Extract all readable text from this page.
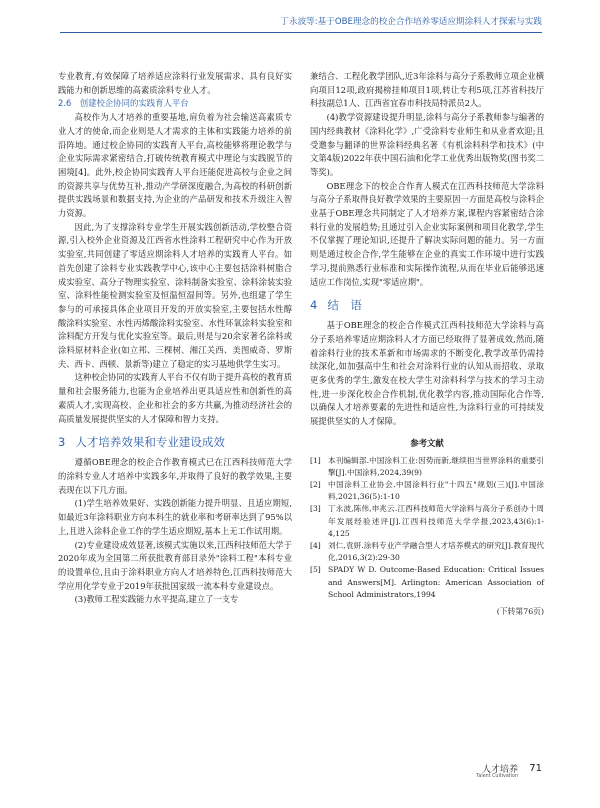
丁永波等:基于OBE理念的校企合作培养零适应期涂料人才探索与实践

专业教育,有效保障了培养适应涂料行业发展需求、具有良好实践能力和创新思维的高素质涂料专业人才。

2.6　创建校企协同的实践育人平台

高校作为人才培养的重要基地,肩负着为社会输送高素质专业人才的使命,而企业则是人才需求的主体和实践能力培养的前沿阵地。通过校企协同的实践育人平台,高校能够将理论教学与企业实际需求紧密结合,打破传统教育模式中理论与实践脱节的困境[4]。此外,校企协同实践育人平台还能促进高校与企业之间的资源共享与优势互补,推动产学研深度融合,为高校的科研创新提供实践场景和数据支持,为企业的产品研发和技术升级注入智力资源。

因此,为了支撑涂料专业学生开展实践创新活动,学校整合资源,引入校外企业资源及江西省水性涂料工程研究中心作为开放实验室,共同创建了零适应期涂料人才培养的实践育人平台。如首先创建了涂料专业实践教学中心,该中心主要包括涂料树脂合成实验室、高分子物理实验室、涂料制备实验室、涂料涂装实验室、涂料性能检测实验室及恒温恒湿间等。另外,也组建了学生参与的可承接具体企业项目开发的开放实验室,主要包括水性醇酸涂料实验室、水性丙烯酸涂料实验室、水性环氧涂料实验室和涂料配方开发与优化实验室等。最后,则是与20余家著名涂料或涂料原材料企业(如立邦、三棵树、湘江关西、美图威奇、罗斯夫、西卡、西顿、景新等)建立了稳定的实习基地供学生实习。

这种校企协同的实践育人平台不仅有助于提升高校的教育质量和社会服务能力,也能为企业培养出更具适应性和创新性的高素质人才,实现高校、企业和社会的多方共赢,为推动经济社会的高质量发展提供坚实的人才保障和智力支持。

3 人才培养效果和专业建设成效

遵循OBE理念的校企合作教育模式已在江西科技师范大学的涂料专业人才培养中实践多年,并取得了良好的教学效果,主要表现在以下几方面。

(1)学生培养效果好、实践创新能力提升明显、且适应期短,如最近3年涂料职业方向本科生的就业率和考研率达到了95%以上,且进入涂料企业工作的学生适应期短,基本上无工作试用期。

(2)专业建设成效显著,该模式实施以来,江西科技师范大学于2020年成为全国第二所获批教育部目录外"涂料工程"本科专业的设置单位,且由于涂料职业方向人才培养特色,江西科技师范大学应用化学专业于2019年获批国家级一流本科专业建设点。

(3)教师工程实践能力水平提高,建立了一支专

兼结合、工程化教学团队,近3年涂料与高分子系教师立项企业横向项目12项,政府揭榜挂帅项目1项,转让专利5项,江苏省科技厅科技副总1人、江西省宜春市科技局特派员2人。

(4)教学资源建设提升明显,涂料与高分子系教师参与编著的国内经典教材《涂料化学》,广受涂料专业师生和从业者欢迎;且受邀参与翻译的世界涂料经典名著《有机涂料科学和技术》(中文第4版)2022年获中国石油和化学工业优秀出版物奖(图书奖二等奖)。

OBE理念下的校企合作育人模式在江西科技师范大学涂料与高分子系取得良好教学效果的主要原因一方面是高校与涂料企业基于OBE理念共同制定了人才培养方案,课程内容紧密结合涂料行业的发展趋势;且通过引入企业实际案例和项目化教学,学生不仅掌握了理论知识,还提升了解决实际问题的能力。另一方面则是通过校企合作,学生能够在企业的真实工作环境中进行实践学习,提前熟悉行业标准和实际操作流程,从而在毕业后能够迅速适应工作岗位,实现"零适应期"。

4 结　语

基于OBE理念的校企合作模式江西科技师范大学涂料与高分子系培养零适应期涂料人才方面已经取得了显著成效,然而,随着涂料行业的技术革新和市场需求的不断变化,教学改革仍需持续深化,如加强高中生和社会对涂料行业的认知从而招收、录取更多优秀的学生,激发在校大学生对涂料科学与技术的学习主动性,进一步深化校企合作机制,优化教学内容,推动国际化合作等,以确保人才培养要素的先进性和适应性,为涂料行业的可持续发展提供坚实的人才保障。

参考文献
[1] 本刊编辑部.中国涂料工业:因势而新,继续担当世界涂料的重要引擎[J].中国涂料,2024,39(9)
[2] 中国涂料工业协会.中国涂料行业"十四五"规划(三)[J].中国涂料,2021,36(5):1-10
[3] 丁永波,陈伟,申兆云.江西科技师范大学涂料与高分子系创办十周年发展经验述评[J].江西科技师范大学学报,2023,43(6):1-4,125
[4] 刘仁,袁妍.涂料专业产学融合型人才培养模式的研究[J].教育现代化,2016,3(2):29-30
[5] SPADY W D. Outcome-Based Education: Critical Issues and Answers[M]. Arlington: American Association of School Administrators,1994
(下转第76页)
人才培养
Talent Cultivation
71
